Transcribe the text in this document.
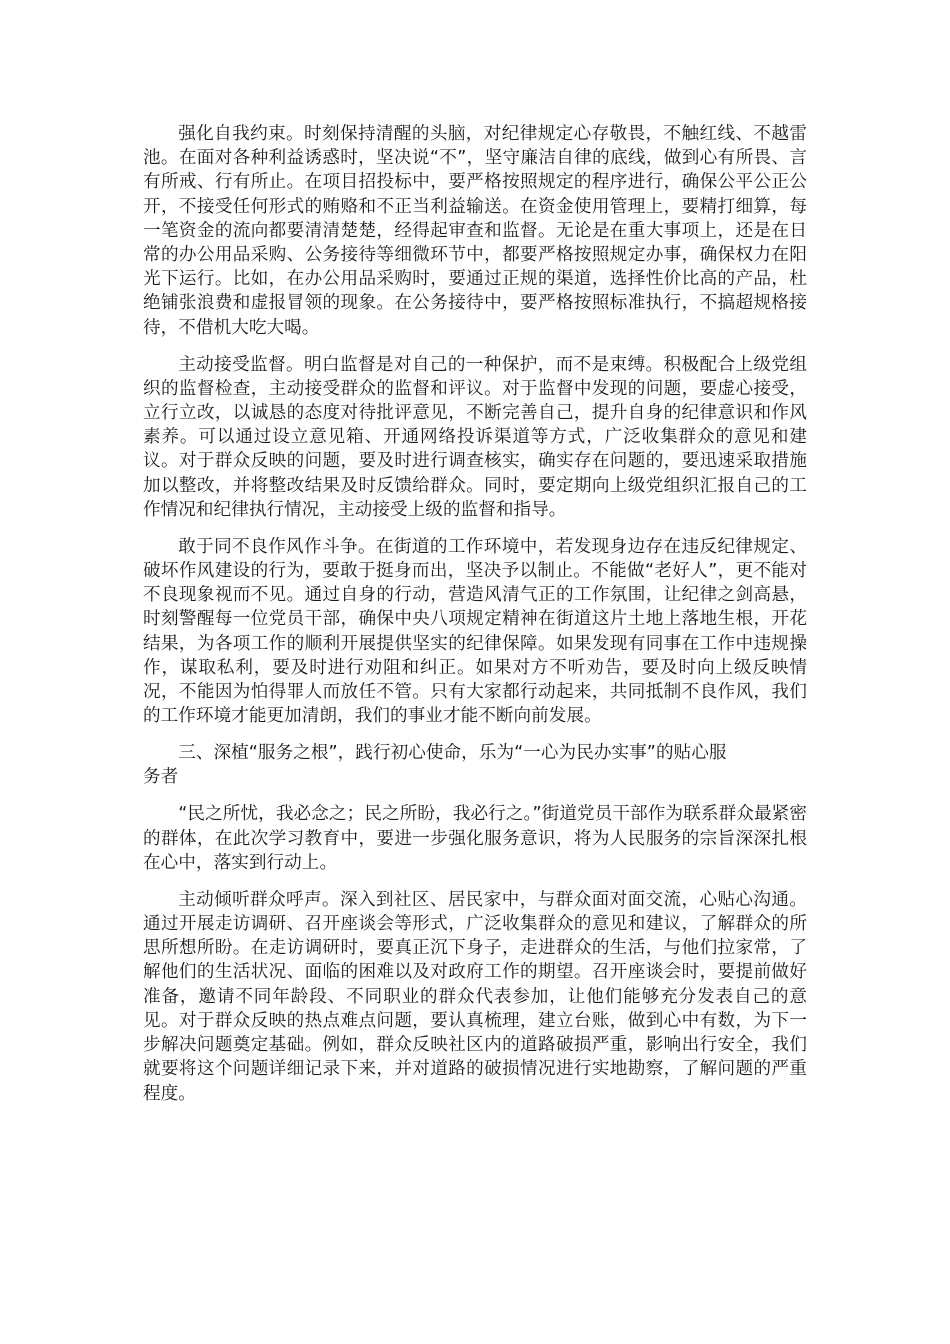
强化自我约束。时刻保持清醒的头脑，对纪律规定心存敬畏，不触红线、不越雷池。在面对各种利益诱惑时，坚决说“不”，坚守廉洁自律的底线，做到心有所畏、言有所戒、行有所止。在项目招投标中，要严格按照规定的程序进行，确保公平公正公开，不接受任何形式的贿赂和不正当利益输送。在资金使用管理上，要精打细算，每一笔资金的流向都要清清楚楚，经得起审查和监督。无论是在重大事项上，还是在日常的办公用品采购、公务接待等细微环节中，都要严格按照规定办事，确保权力在阳光下运行。比如，在办公用品采购时，要通过正规的渠道，选择性价比高的产品，杜绝铺张浪费和虚报冒领的现象。在公务接待中，要严格按照标准执行，不搞超规格接待，不借机大吃大喝。

主动接受监督。明白监督是对自己的一种保护，而不是束缚。积极配合上级党组织的监督检查，主动接受群众的监督和评议。对于监督中发现的问题，要虚心接受，立行立改，以诚恳的态度对待批评意见，不断完善自己，提升自身的纪律意识和作风素养。可以通过设立意见箱、开通网络投诉渠道等方式，广泛收集群众的意见和建议。对于群众反映的问题，要及时进行调查核实，确实存在问题的，要迅速采取措施加以整改，并将整改结果及时反馈给群众。同时，要定期向上级党组织汇报自己的工作情况和纪律执行情况，主动接受上级的监督和指导。

敢于同不良作风作斗争。在街道的工作环境中，若发现身边存在违反纪律规定、破坏作风建设的行为，要敢于挺身而出，坚决予以制止。不能做“老好人”，更不能对不良现象视而不见。通过自身的行动，营造风清气正的工作氛围，让纪律之剑高悬，时刻警醒每一位党员干部，确保中央八项规定精神在街道这片土地上落地生根，开花结果，为各项工作的顺利开展提供坚实的纪律保障。如果发现有同事在工作中违规操作，谋取私利，要及时进行劝阻和纠正。如果对方不听劝告，要及时向上级反映情况，不能因为怕得罪人而放任不管。只有大家都行动起来，共同抵制不良作风，我们的工作环境才能更加清朗，我们的事业才能不断向前发展。

三、深植“服务之根”，践行初心使命，乐为“一心为民办实事”的贴心服
务者

“民之所忧，我必念之；民之所盼，我必行之。”街道党员干部作为联系群众最紧密的群体，在此次学习教育中，要进一步强化服务意识，将为人民服务的宗旨深深扎根在心中，落实到行动上。

主动倾听群众呼声。深入到社区、居民家中，与群众面对面交流，心贴心沟通。通过开展走访调研、召开座谈会等形式，广泛收集群众的意见和建议，了解群众的所思所想所盼。在走访调研时，要真正沉下身子，走进群众的生活，与他们拉家常，了解他们的生活状况、面临的困难以及对政府工作的期望。召开座谈会时，要提前做好准备，邀请不同年龄段、不同职业的群众代表参加，让他们能够充分发表自己的意见。对于群众反映的热点难点问题，要认真梳理，建立台账，做到心中有数，为下一步解决问题奠定基础。例如，群众反映社区内的道路破损严重，影响出行安全，我们就要将这个问题详细记录下来，并对道路的破损情况进行实地勘察，了解问题的严重程度。
